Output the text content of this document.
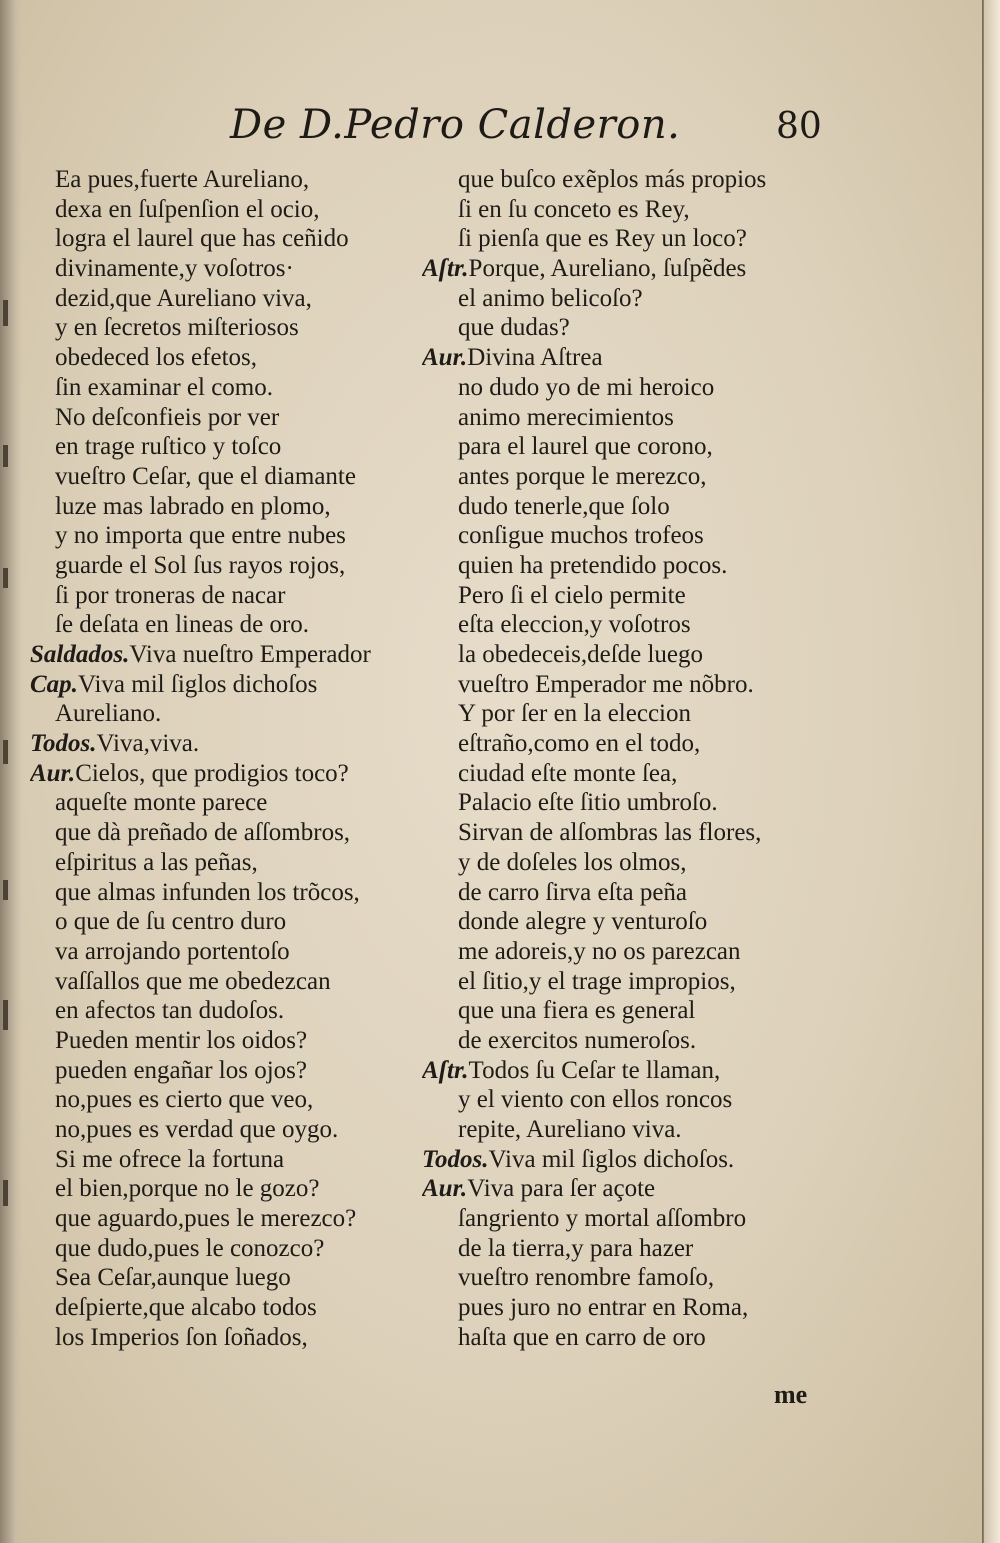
De D.Pedro Calderon.	80
Ea pues,fuerte Aureliano,
dexa en ſuſpenſion el ocio,
logra el laurel que has ceñido
divinamente,y voſotros·
dezid,que Aureliano viva,
y en ſecretos miſteriosos
obedeced los efetos,
ſin examinar el como.
No deſconfieis por ver
en trage ruſtico y toſco
vueſtro Ceſar, que el diamante
luze mas labrado en plomo,
y no importa que entre nubes
guarde el Sol ſus rayos rojos,
ſi por troneras de nacar
ſe deſata en lineas de oro.
Saldados.Viva nueſtro Emperador
Cap.Viva mil ſiglos dichoſos
Aureliano.
Todos.Viva,viva.
Aur.Cielos, que prodigios toco?
aqueſte monte parece
que dà preñado de aſſombros,
eſpiritus a las peñas,
que almas infunden los trõcos,
o que de ſu centro duro
va arrojando portentoſo
vaſſallos que me obedezcan
en afectos tan dudoſos.
Pueden mentir los oidos?
pueden engañar los ojos?
no,pues es cierto que veo,
no,pues es verdad que oygo.
Si me ofrece la fortuna
el bien,porque no le gozo?
que aguardo,pues le merezco?
que dudo,pues le conozco?
Sea Ceſar,aunque luego
deſpierte,que alcabo todos
los Imperios ſon ſoñados,
que buſco exẽplos más propios
ſi en ſu conceto es Rey,
ſi pienſa que es Rey un loco?
Aſtr.Porque, Aureliano, ſuſpẽdes
el animo belicoſo?
que dudas?
Aur.Divina Aſtrea
no dudo yo de mi heroico
animo merecimientos
para el laurel que corono,
antes porque le merezco,
dudo tenerle,que ſolo
conſigue muchos trofeos
quien ha pretendido pocos.
Pero ſi el cielo permite
eſta eleccion,y voſotros
la obedeceis,deſde luego
vueſtro Emperador me nõbro.
Y por ſer en la eleccion
eſtraño,como en el todo,
ciudad eſte monte ſea,
Palacio eſte ſitio umbroſo.
Sirvan de alſombras las flores,
y de doſeles los olmos,
de carro ſirva eſta peña
donde alegre y venturoſo
me adoreis,y no os parezcan
el ſitio,y el trage impropios,
que una fiera es general
de exercitos numeroſos.
Aſtr.Todos ſu Ceſar te llaman,
y el viento con ellos roncos
repite, Aureliano viva.
Todos.Viva mil ſiglos dichoſos.
Aur.Viva para ſer açote
ſangriento y mortal aſſombro
de la tierra,y para hazer
vueſtro renombre famoſo,
pues juro no entrar en Roma,
haſta que en carro de oro
me
